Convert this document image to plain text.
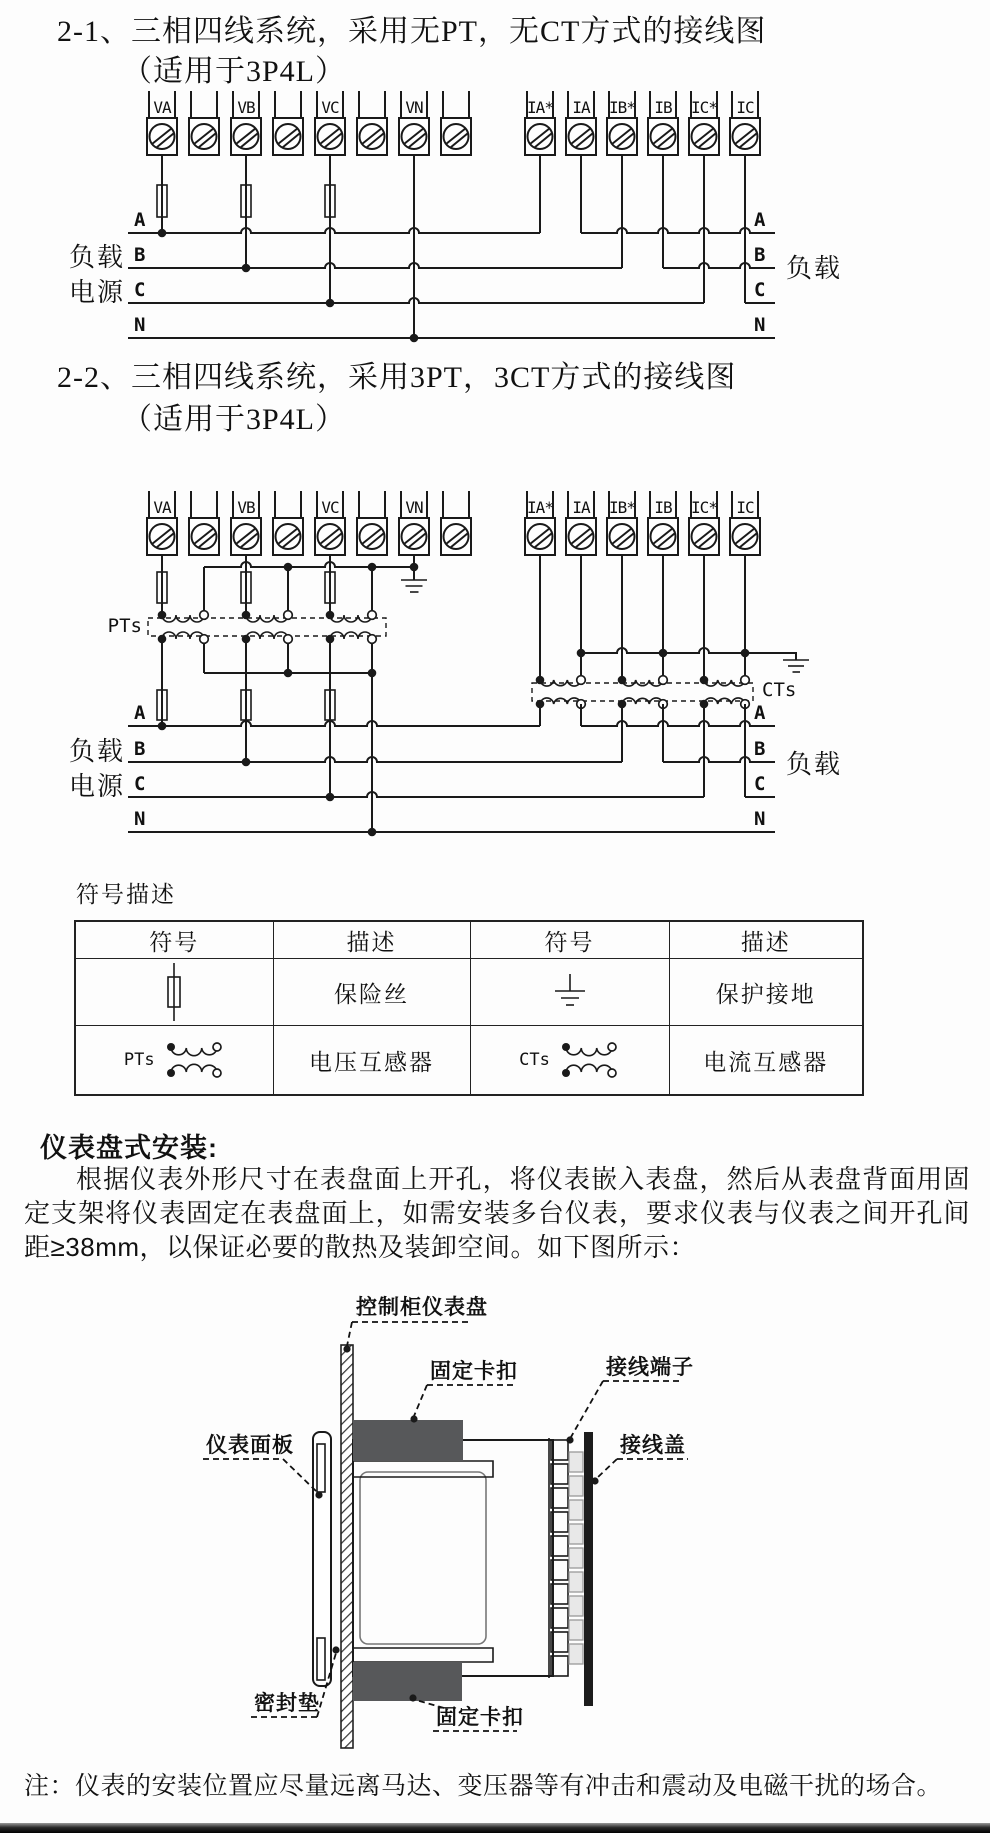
2-1、三相四线系统，采用无PT，无CT方式的接线图
（适用于3P4L）
VA	VB	VC	VN	IA* IA IB* IB IC* IC
A
B
C
N
A
B
C
N
负载
电源
负载
2-2、三相四线系统，采用3PT，3CT方式的接线图
（适用于3P4L）
VA	VB	VC	VN	IA* IA IB* IB IC* IC
PTs
CTs
A
B
C
N
A
B
C
N
负载
电源
负载
符号描述
符号	描述	符号	描述

	保险丝		保护接地

PTs	电压互感器	CTs	电流互感器
仪表盘式安装:
根据仪表外形尺寸在表盘面上开孔，将仪表嵌入表盘，然后从表盘背面用固定支架将仪表固定在表盘面上，如需安装多台仪表，要求仪表与仪表之间开孔间距≥38mm，以保证必要的散热及装卸空间。如下图所示：
控制柜仪表盘
固定卡扣	接线端子
接线盖
仪表面板
密封垫
固定卡扣
注：仪表的安装位置应尽量远离马达、变压器等有冲击和震动及电磁干扰的场合。
